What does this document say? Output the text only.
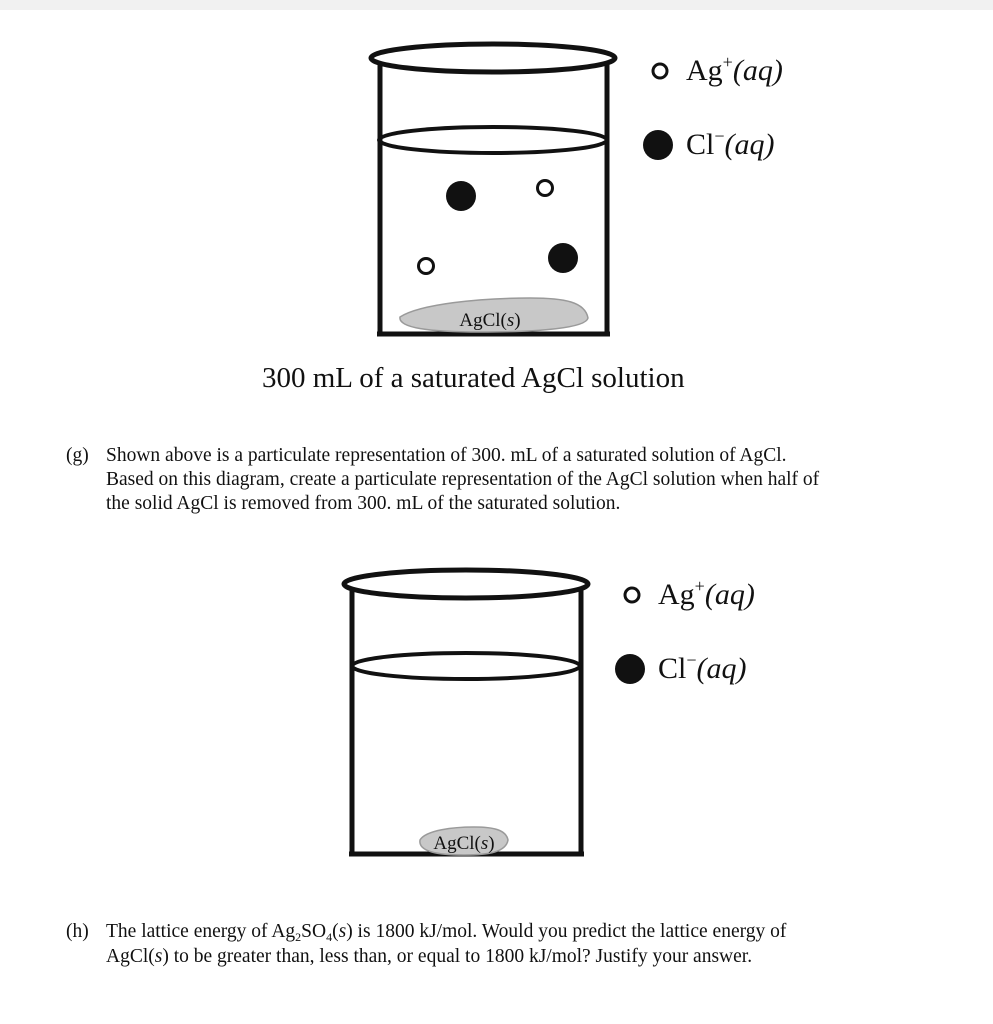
AgCl(s)
Ag+(aq)
Cl−(aq)
300 mL of a saturated AgCl solution
(g) Shown above is a particulate representation of 300. mL of a saturated solution of AgCl.
Based on this diagram, create a particulate representation of the AgCl solution when half of
the solid AgCl is removed from 300. mL of the saturated solution.
AgCl(s)
Ag+(aq)
Cl−(aq)
(h) The lattice energy of $Ag_2SO_4(s)$ is 1800 kJ/mol. Would you predict the lattice energy of
AgCl(s) to be greater than, less than, or equal to 1800 kJ/mol? Justify your answer.
